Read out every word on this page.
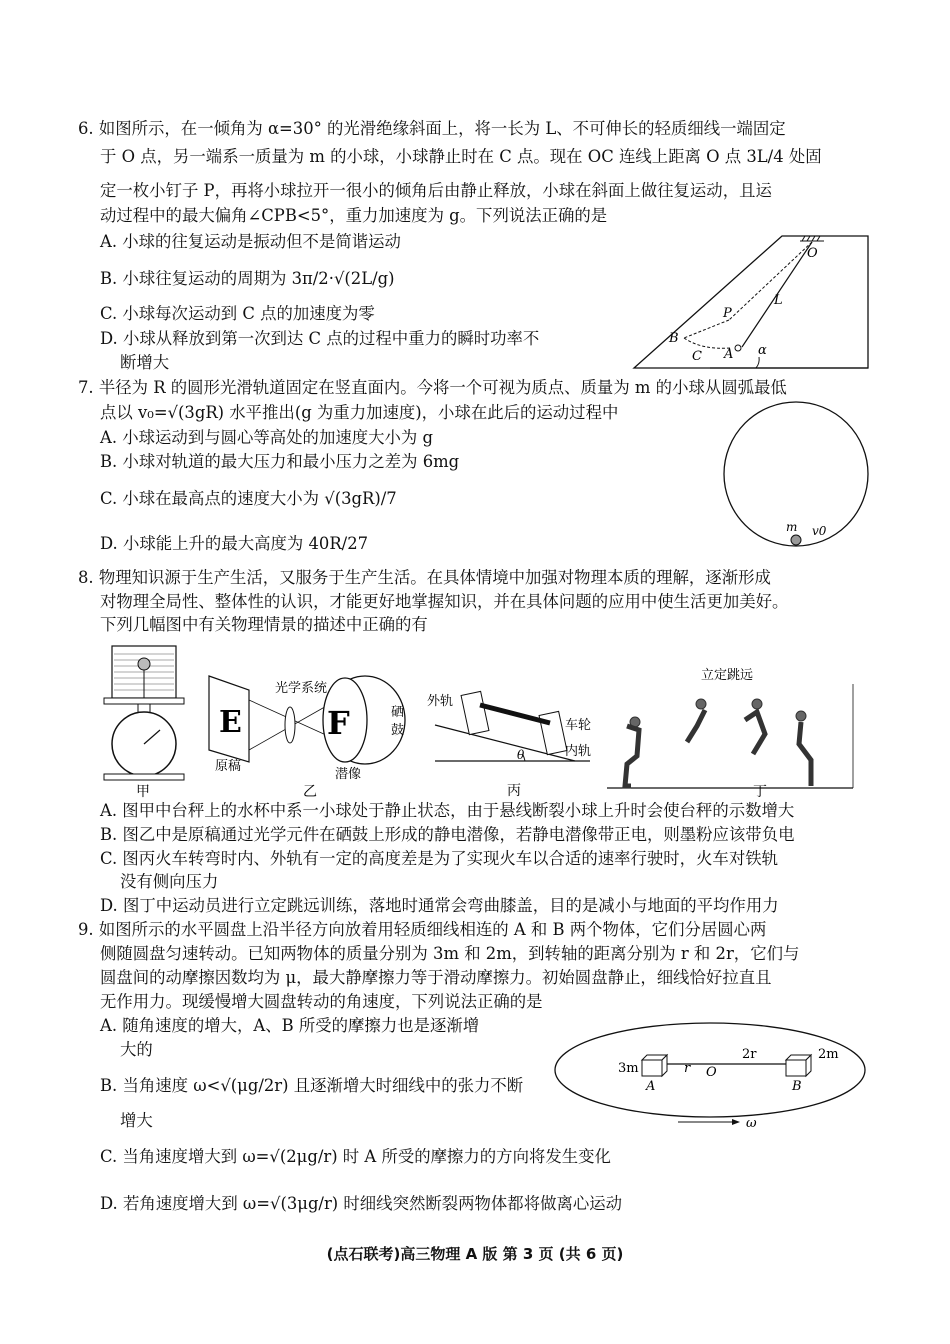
6. 如图所示，在一倾角为 α=30° 的光滑绝缘斜面上，将一长为 L、不可伸长的轻质细线一端固定
于 O 点，另一端系一质量为 m 的小球，小球静止时在 C 点。现在 OC 连线上距离 O 点 3L/4 处固
定一枚小钉子 P，再将小球拉开一很小的倾角后由静止释放，小球在斜面上做往复运动，且运
动过程中的最大偏角∠CPB<5°，重力加速度为 g。下列说法正确的是
A. 小球的往复运动是振动但不是简谐运动
B. 小球往复运动的周期为 3π/2·√(2L/g)
C. 小球每次运动到 C 点的加速度为零
D. 小球从释放到第一次到达 C 点的过程中重力的瞬时功率不
断增大
O
L
P
B
C A α
7. 半径为 R 的圆形光滑轨道固定在竖直面内。今将一个可视为质点、质量为 m 的小球从圆弧最低
点以 v₀=√(3gR) 水平推出(g 为重力加速度)，小球在此后的运动过程中
A. 小球运动到与圆心等高处的加速度大小为 g
B. 小球对轨道的最大压力和最小压力之差为 6mg
C. 小球在最高点的速度大小为 √(3gR)/7
D. 小球能上升的最大高度为 40R/27
m v0
8. 物理知识源于生产生活，又服务于生产生活。在具体情境中加强对物理本质的理解，逐渐形成
对物理全局性、整体性的认识，才能更好地掌握知识，并在具体问题的应用中使生活更加美好。
下列几幅图中有关物理情景的描述中正确的有
甲
E	F
光学系统
硒
鼓
原稿
潜像
乙
外轨
车轮
内轨
θ
丙
立定跳远
丁
A. 图甲中台秤上的水杯中系一小球处于静止状态，由于悬线断裂小球上升时会使台秤的示数增大
B. 图乙中是原稿通过光学元件在硒鼓上形成的静电潜像，若静电潜像带正电，则墨粉应该带负电
C. 图丙火车转弯时内、外轨有一定的高度差是为了实现火车以合适的速率行驶时，火车对铁轨
没有侧向压力
D. 图丁中运动员进行立定跳远训练，落地时通常会弯曲膝盖，目的是减小与地面的平均作用力
9. 如图所示的水平圆盘上沿半径方向放着用轻质细线相连的 A 和 B 两个物体，它们分居圆心两
侧随圆盘匀速转动。已知两物体的质量分别为 3m 和 2m，到转轴的距离分别为 r 和 2r，它们与
圆盘间的动摩擦因数均为 μ，最大静摩擦力等于滑动摩擦力。初始圆盘静止，细线恰好拉直且
无作用力。现缓慢增大圆盘转动的角速度，下列说法正确的是
A. 随角速度的增大，A、B 所受的摩擦力也是逐渐增
大的
B. 当角速度 ω<√(μg/2r) 且逐渐增大时细线中的张力不断
增大
C. 当角速度增大到 ω=√(2μg/r) 时 A 所受的摩擦力的方向将发生变化
D. 若角速度增大到 ω=√(3μg/r) 时细线突然断裂两物体都将做离心运动
3m	r O
2r	2m
A	B
ω
(点石联考)高三物理 A 版 第 3 页 (共 6 页)
